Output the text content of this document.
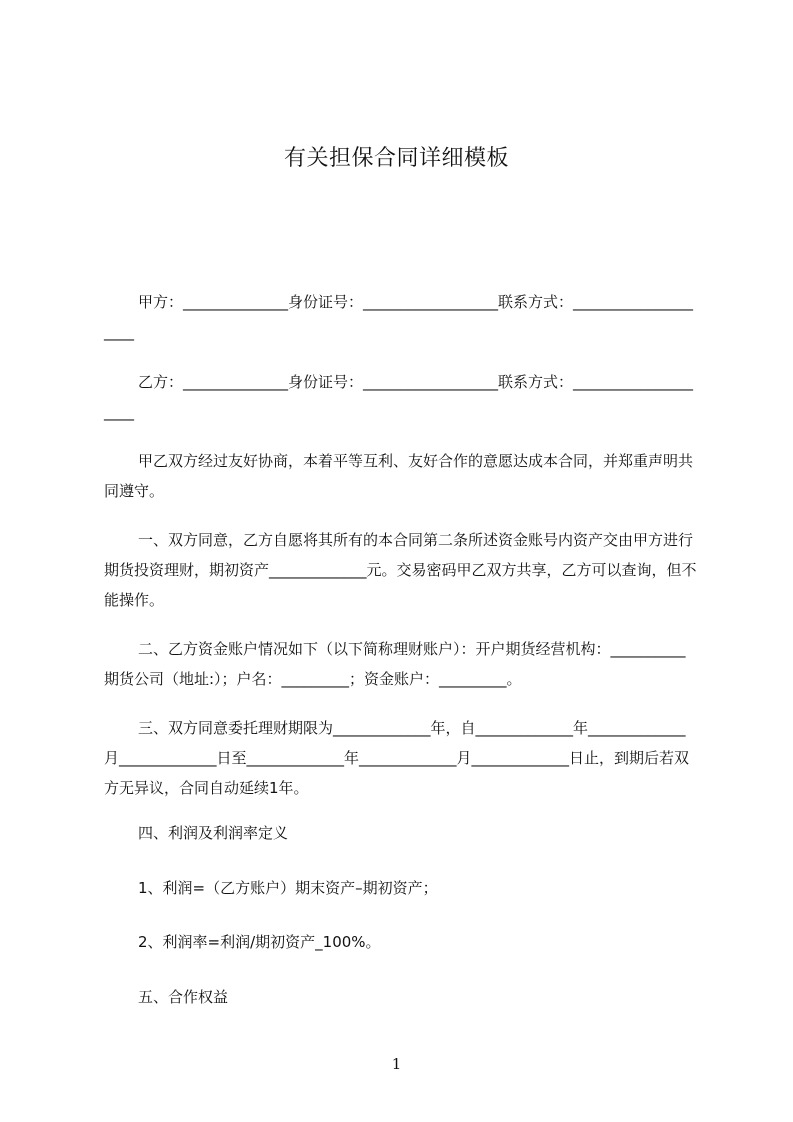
有关担保合同详细模板
甲方：______________身份证号：__________________联系方式：____________________
乙方：______________身份证号：__________________联系方式：____________________
甲乙双方经过友好协商，本着平等互利、友好合作的意愿达成本合同，并郑重声明共同遵守。
一、双方同意，乙方自愿将其所有的本合同第二条所述资金账号内资产交由甲方进行期货投资理财，期初资产_____________元。交易密码甲乙双方共享，乙方可以查询，但不能操作。
二、乙方资金账户情况如下（以下简称理财账户）：开户期货经营机构：__________期货公司（地址:）；户名：_________；资金账户：_________。
三、双方同意委托理财期限为_____________年，自_____________年_____________月_____________日至_____________年_____________月_____________日止，到期后若双方无异议，合同自动延续1年。
四、利润及利润率定义
1、利润=（乙方账户）期末资产–期初资产；
2、利润率=利润/期初资产_100%。
五、合作权益
1
